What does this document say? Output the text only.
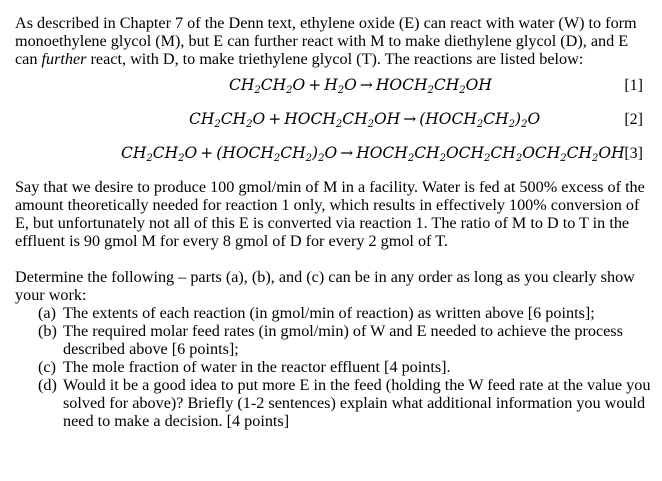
As described in Chapter 7 of the Denn text, ethylene oxide (E) can react with water (W) to form monoethylene glycol (M), but E can further react with M to make diethylene glycol (D), and E can further react, with D, to make triethylene glycol (T). The reactions are listed below:

$CH_2CH_2O + H_2O$ → $HOCH_2CH_2OH$	[1]
$CH_2CH_2O$ + $HOCH_2CH_2OH$ → $(HOCH_2CH_2)_2O$	[2]
$CH_2CH_2O$ + $(HOCH_2CH_2)_2O$ → $HOCH_2CH_2OCH_2CH_2OCH_2CH_2OH$ [3]

Say that we desire to produce 100 gmol/min of M in a facility. Water is fed at 500% excess of the amount theoretically needed for reaction 1 only, which results in effectively 100% conversion of E, but unfortunately not all of this E is converted via reaction 1. The ratio of M to D to T in the effluent is 90 gmol M for every 8 gmol of D for every 2 gmol of T.

Determine the following – parts (a), (b), and (c) can be in any order as long as you clearly show your work:

(a) The extents of each reaction (in gmol/min of reaction) as written above [6 points];
(b) The required molar feed rates (in gmol/min) of W and E needed to achieve the process described above [6 points];
(c) The mole fraction of water in the reactor effluent [4 points].
(d) Would it be a good idea to put more E in the feed (holding the W feed rate at the value you solved for above)? Briefly (1-2 sentences) explain what additional information you would need to make a decision. [4 points]
